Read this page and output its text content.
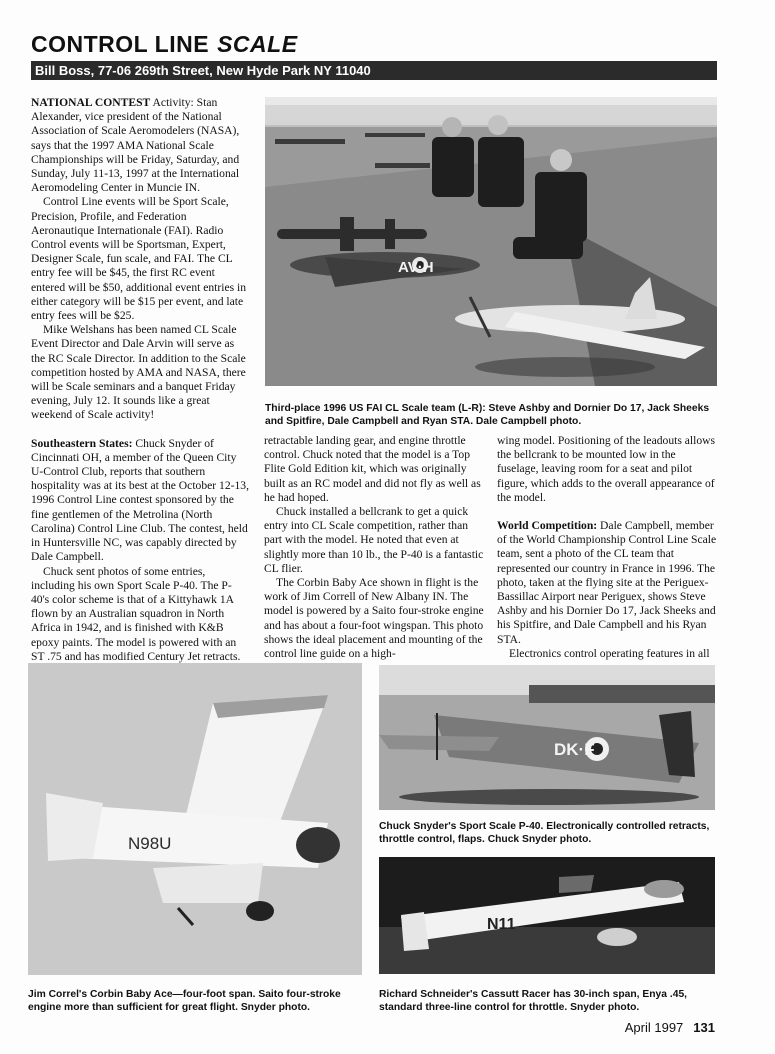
CONTROL LINE SCALE
Bill Boss, 77-06 269th Street, New Hyde Park NY 11040

NATIONAL CONTEST Activity: Stan Alexander, vice president of the National Association of Scale Aeromodelers (NASA), says that the 1997 AMA National Scale Championships will be Friday, Saturday, and Sunday, July 11-13, 1997 at the International Aeromodeling Center in Muncie IN.

Control Line events will be Sport Scale, Precision, Profile, and Federation Aeronautique Internationale (FAI). Radio Control events will be Sportsman, Expert, Designer Scale, fun scale, and FAI. The CL entry fee will be $45, the first RC event entered will be $50, additional event entries in either category will be $15 per event, and late entry fees will be $25.

Mike Welshans has been named CL Scale Event Director and Dale Arvin will serve as the RC Scale Director. In addition to the Scale competition hosted by AMA and NASA, there will be Scale seminars and a banquet Friday evening, July 12. It sounds like a great weekend of Scale activity!

Southeastern States: Chuck Snyder of Cincinnati OH, a member of the Queen City U-Control Club, reports that southern hospitality was at its best at the October 12-13, 1996 Control Line contest sponsored by the fine gentlemen of the Metrolina (North Carolina) Control Line Club. The contest, held in Huntersville NC, was capably directed by Dale Campbell.

Chuck sent photos of some entries, including his own Sport Scale P-40. The P-40's color scheme is that of a Kittyhawk 1A flown by an Australian squadron in North Africa in 1942, and is finished with K&B epoxy paints. The model is powered with an ST .75 and has modified Century Jet retracts.

retractable landing gear, and engine throttle control. Chuck noted that the model is a Top Flite Gold Edition kit, which was originally built as an RC model and did not fly as well as he had hoped.

Chuck installed a bellcrank to get a quick entry into CL Scale competition, rather than part with the model. He noted that even at slightly more than 10 lb., the P-40 is a fantastic CL flier.

The Corbin Baby Ace shown in flight is the work of Jim Correll of New Albany IN. The model is powered by a Saito four-stroke engine and has about a four-foot wingspan. This photo shows the ideal placement and mounting of the control line guide on a high-

wing model. Positioning of the leadouts allows the bellcrank to be mounted low in the fuselage, leaving room for a seat and pilot figure, which adds to the overall appearance of the model.

World Competition: Dale Campbell, member of the World Championship Control Line Scale team, sent a photo of the CL team that represented our country in France in 1996. The photo, taken at the flying site at the Periguex-Bassillac Airport near Periguex, shows Steve Ashby and his Dornier Do 17, Jack Sheeks and his Spitfire, and Dale Campbell and his Ryan STA.

Electronics control operating features in all

AV·H
Third-place 1996 US FAI CL Scale team (L-R): Steve Ashby and Dornier Do 17, Jack Sheeks and Spitfire, Dale Campbell and Ryan STA. Dale Campbell photo.
N98U
Jim Correl's Corbin Baby Ace—four-foot span. Saito four-stroke engine more than sufficient for great flight. Snyder photo.
DK·F
Chuck Snyder's Sport Scale P-40. Electronically controlled retracts, throttle control, flaps. Chuck Snyder photo.
N11
Richard Schneider's Cassutt Racer has 30-inch span, Enya .45, standard three-line control for throttle. Snyder photo.
April 1997 131
